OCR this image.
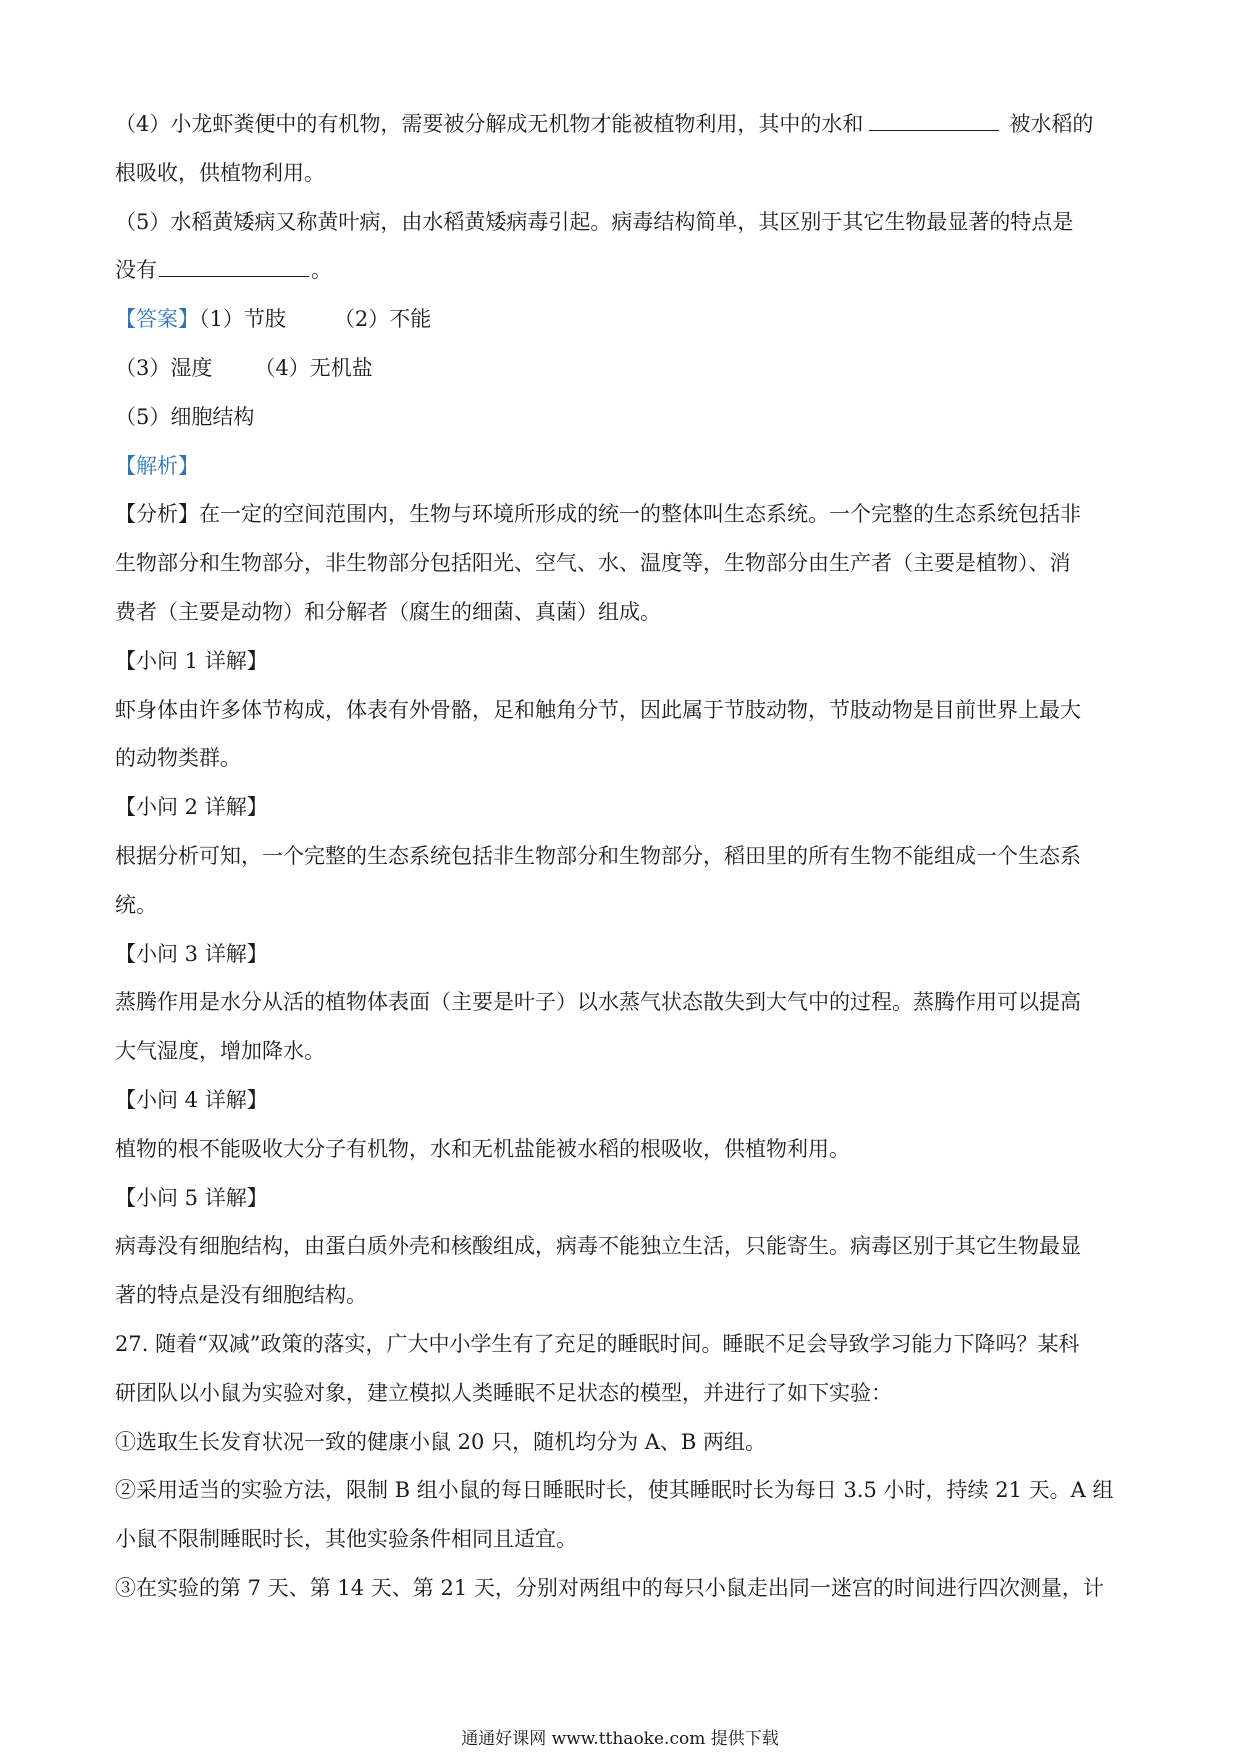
（4）小龙虾粪便中的有机物，需要被分解成无机物才能被植物利用，其中的水和	被水稻的
根吸收，供植物利用。
（5）水稻黄矮病又称黄叶病，由水稻黄矮病毒引起。病毒结构简单，其区别于其它生物最显著的特点是
没有	。
【答案】（1）节肢 （2）不能
（3）湿度 （4）无机盐
（5）细胞结构
【解析】
【分析】在一定的空间范围内，生物与环境所形成的统一的整体叫生态系统。一个完整的生态系统包括非
生物部分和生物部分，非生物部分包括阳光、空气、水、温度等，生物部分由生产者（主要是植物）、消
费者（主要是动物）和分解者（腐生的细菌、真菌）组成。
【小问 1 详解】
虾身体由许多体节构成，体表有外骨骼，足和触角分节，因此属于节肢动物，节肢动物是目前世界上最大
的动物类群。
【小问 2 详解】
根据分析可知，一个完整的生态系统包括非生物部分和生物部分，稻田里的所有生物不能组成一个生态系
统。
【小问 3 详解】
蒸腾作用是水分从活的植物体表面（主要是叶子）以水蒸气状态散失到大气中的过程。蒸腾作用可以提高
大气湿度，增加降水。
【小问 4 详解】
植物的根不能吸收大分子有机物，水和无机盐能被水稻的根吸收，供植物利用。
【小问 5 详解】
病毒没有细胞结构，由蛋白质外壳和核酸组成，病毒不能独立生活，只能寄生。病毒区别于其它生物最显
著的特点是没有细胞结构。
27. 随着“双减”政策的落实，广大中小学生有了充足的睡眠时间。睡眠不足会导致学习能力下降吗？某科
研团队以小鼠为实验对象，建立模拟人类睡眠不足状态的模型，并进行了如下实验：
①选取生长发育状况一致的健康小鼠 20 只，随机均分为 A、B 两组。
②采用适当的实验方法，限制 B 组小鼠的每日睡眠时长，使其睡眠时长为每日 3.5 小时，持续 21 天。A 组
小鼠不限制睡眠时长，其他实验条件相同且适宜。
③在实验的第 7 天、第 14 天、第 21 天，分别对两组中的每只小鼠走出同一迷宫的时间进行四次测量，计
通通好课网 www.tthaoke.com 提供下载
